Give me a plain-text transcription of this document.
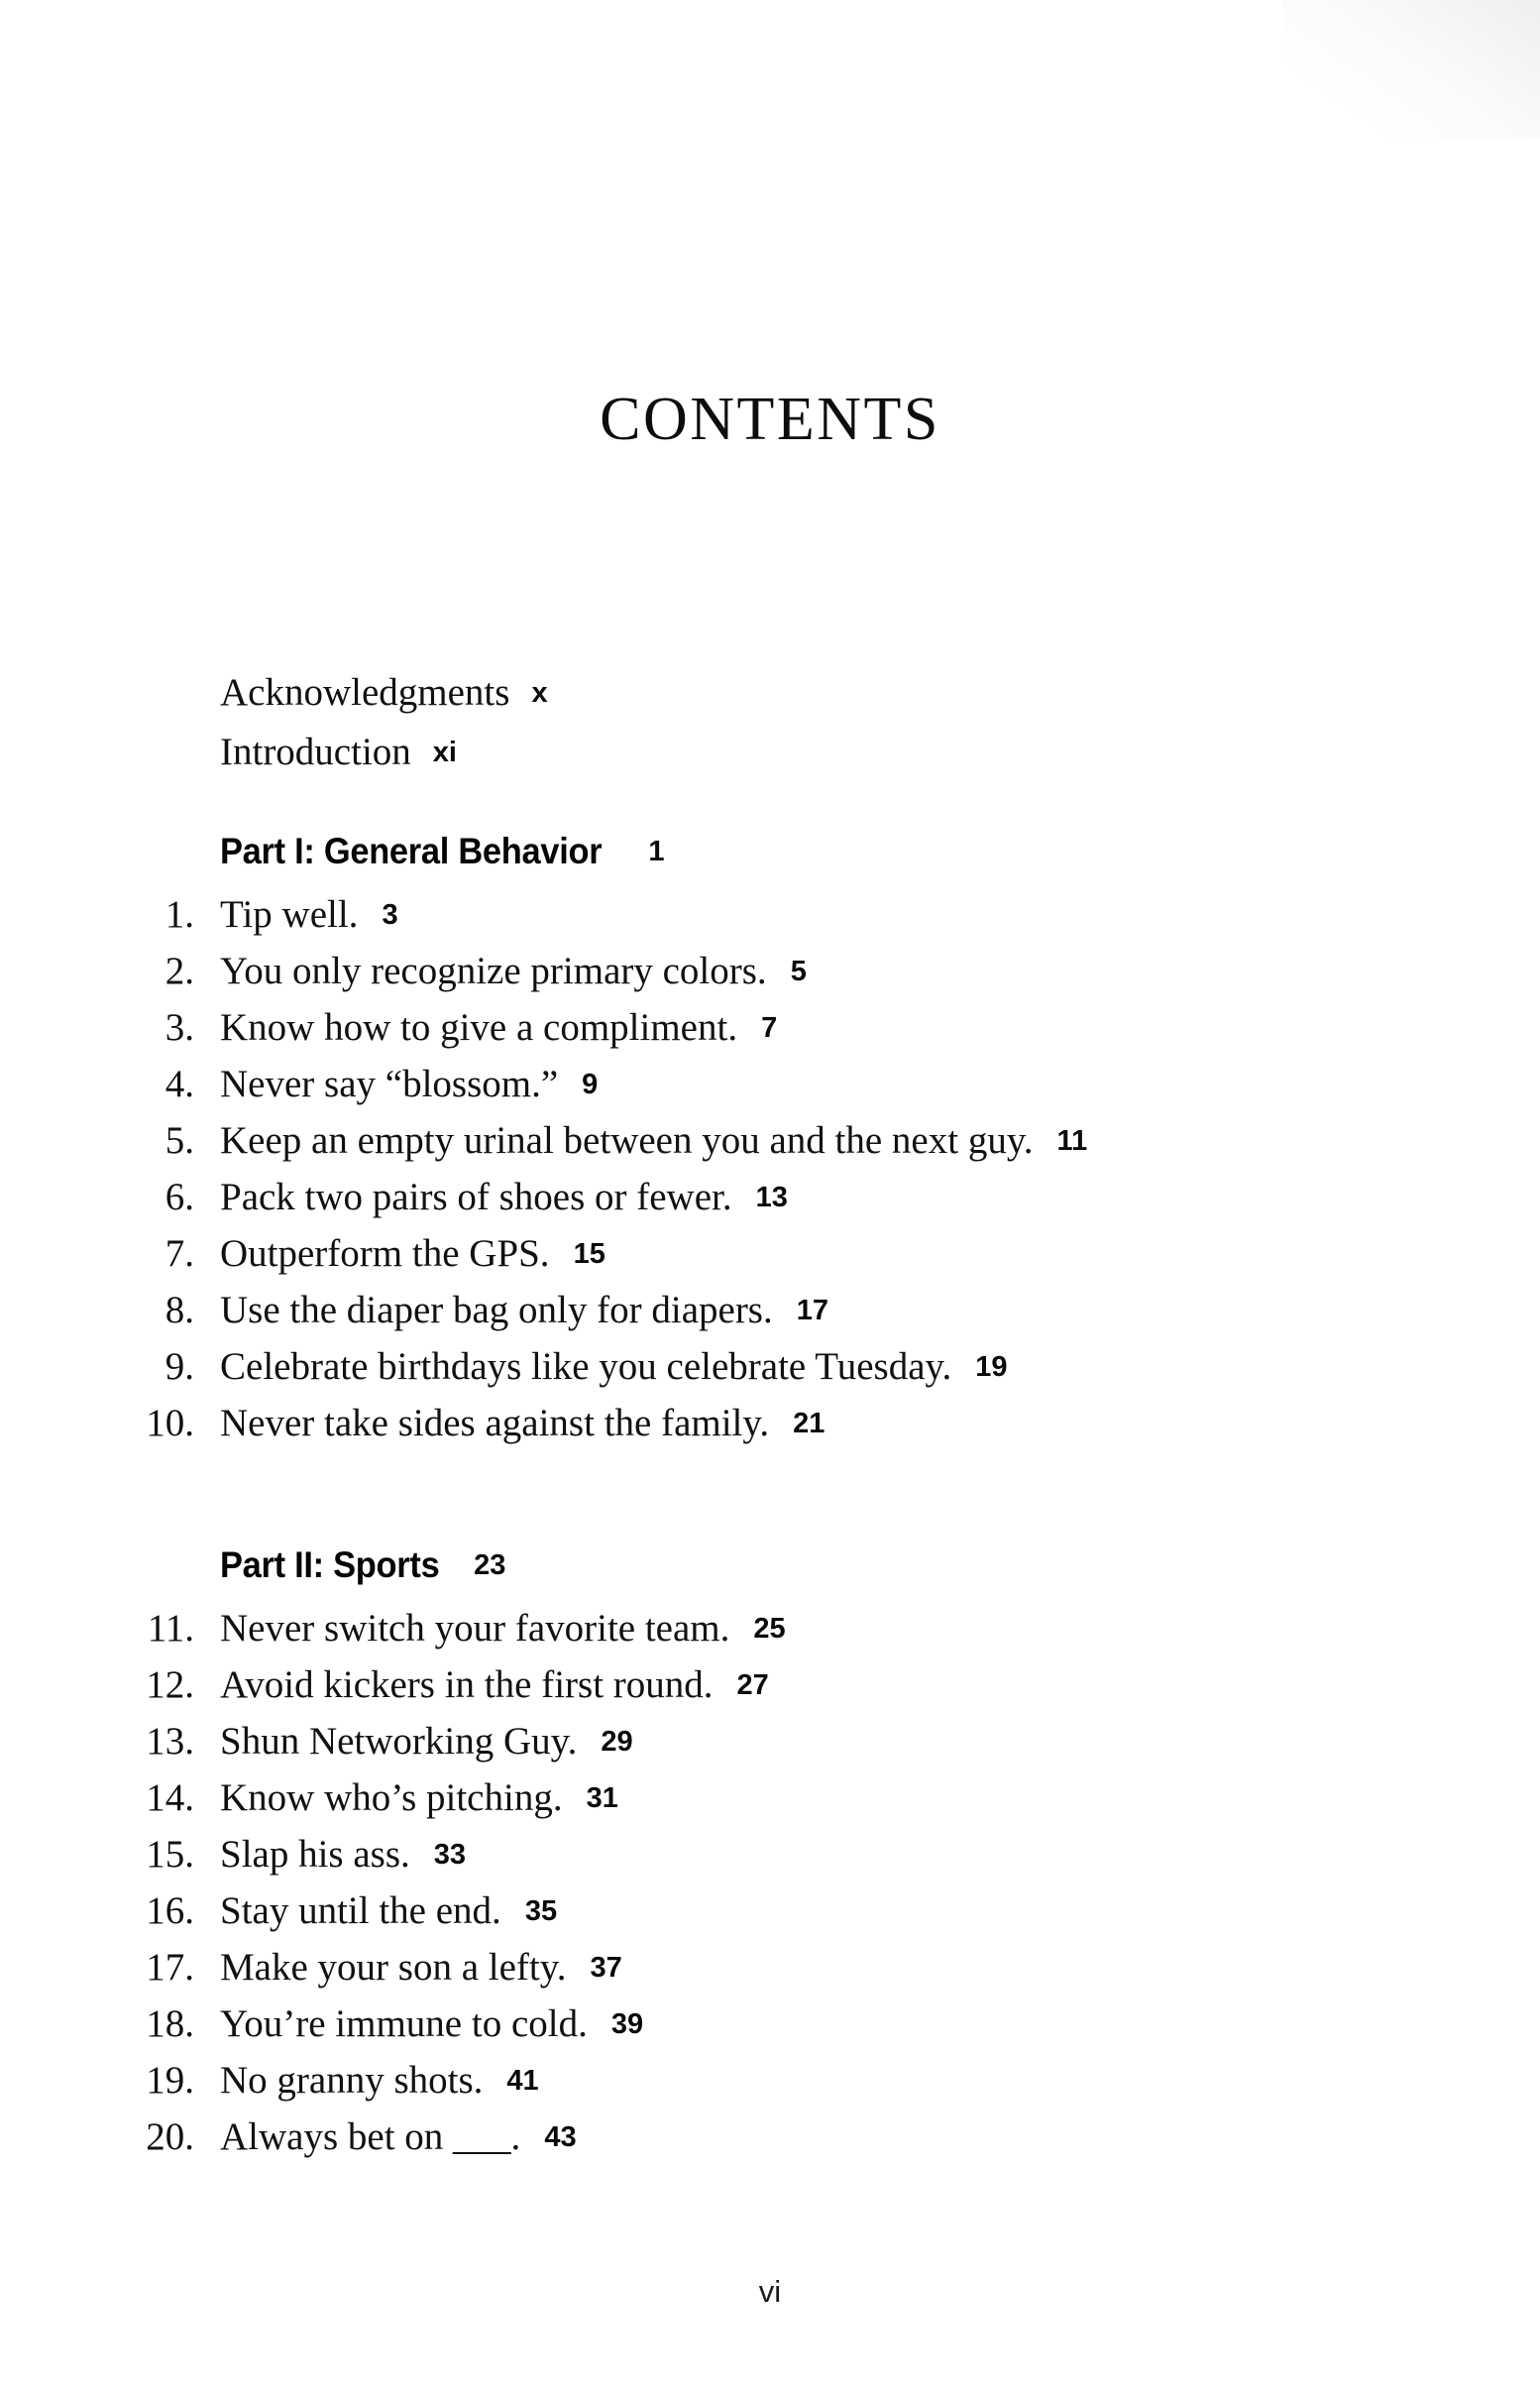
CONTENTS
Acknowledgments x
Introduction xi
Part I: General Behavior 1
1. Tip well. 3
2. You only recognize primary colors. 5
3. Know how to give a compliment. 7
4. Never say “blossom.” 9
5. Keep an empty urinal between you and the next guy. 11
6. Pack two pairs of shoes or fewer. 13
7. Outperform the GPS. 15
8. Use the diaper bag only for diapers. 17
9. Celebrate birthdays like you celebrate Tuesday. 19
10. Never take sides against the family. 21
Part II: Sports 23
11. Never switch your favorite team. 25
12. Avoid kickers in the first round. 27
13. Shun Networking Guy. 29
14. Know who’s pitching. 31
15. Slap his ass. 33
16. Stay until the end. 35
17. Make your son a lefty. 37
18. You’re immune to cold. 39
19. No granny shots. 41
20. Always bet on ___. 43
vi
